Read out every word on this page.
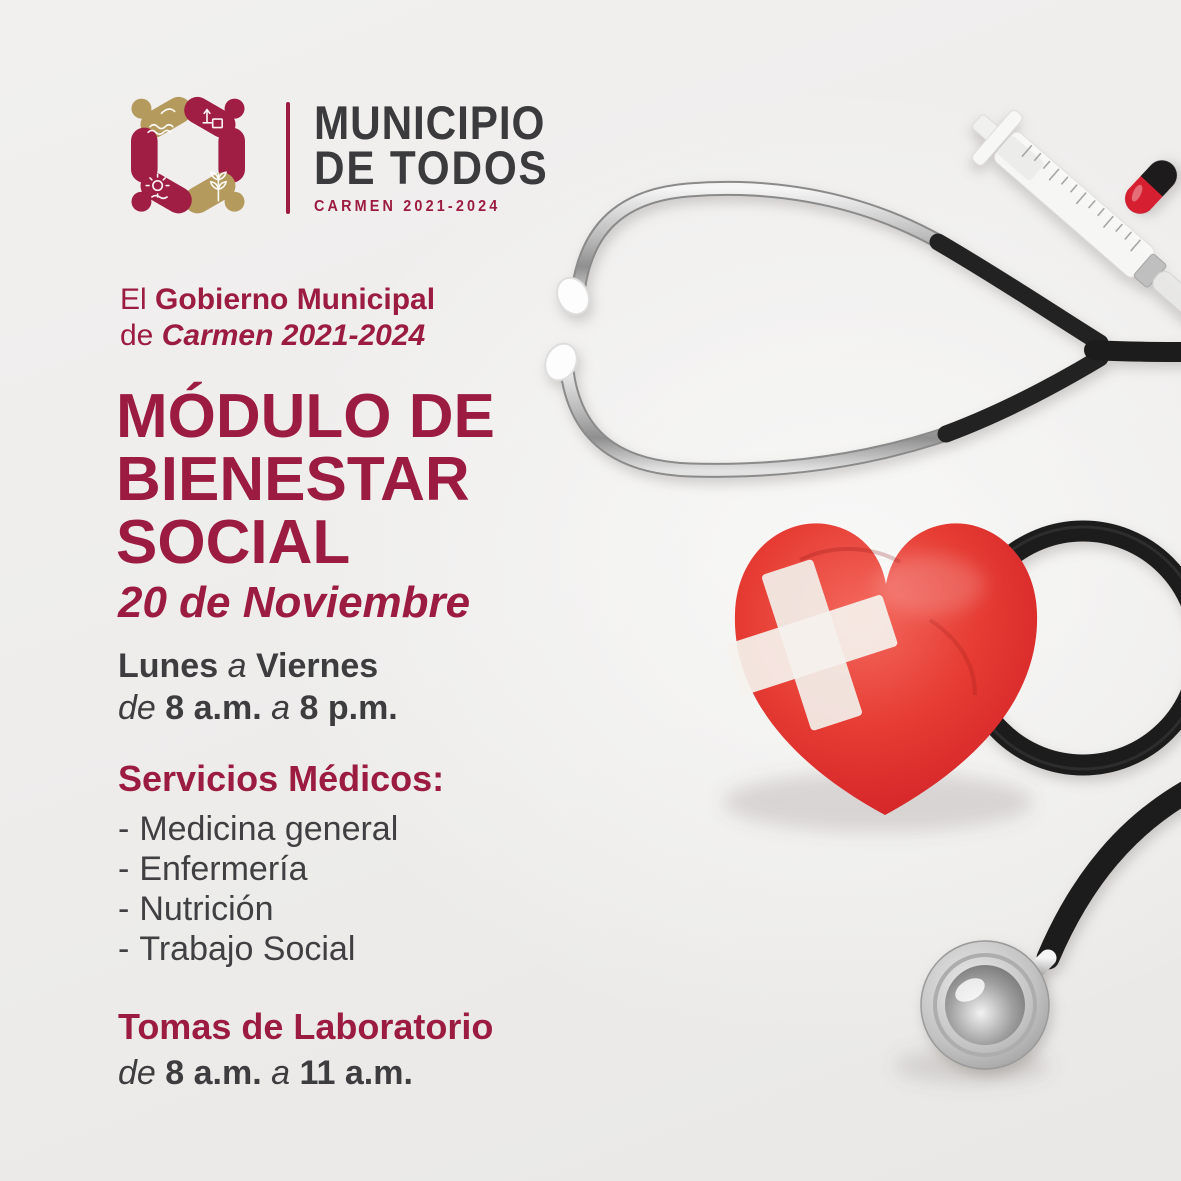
MUNICIPIO
DE TODOS
CARMEN 2021-2024
El Gobierno Municipal
de Carmen 2021-2024
MÓDULO DE
BIENESTAR
SOCIAL
20 de Noviembre
Lunes a Viernes
de 8 a.m. a 8 p.m.
Servicios Médicos:
- Medicina general
- Enfermería
- Nutrición
- Trabajo Social
Tomas de Laboratorio
de 8 a.m. a 11 a.m.
